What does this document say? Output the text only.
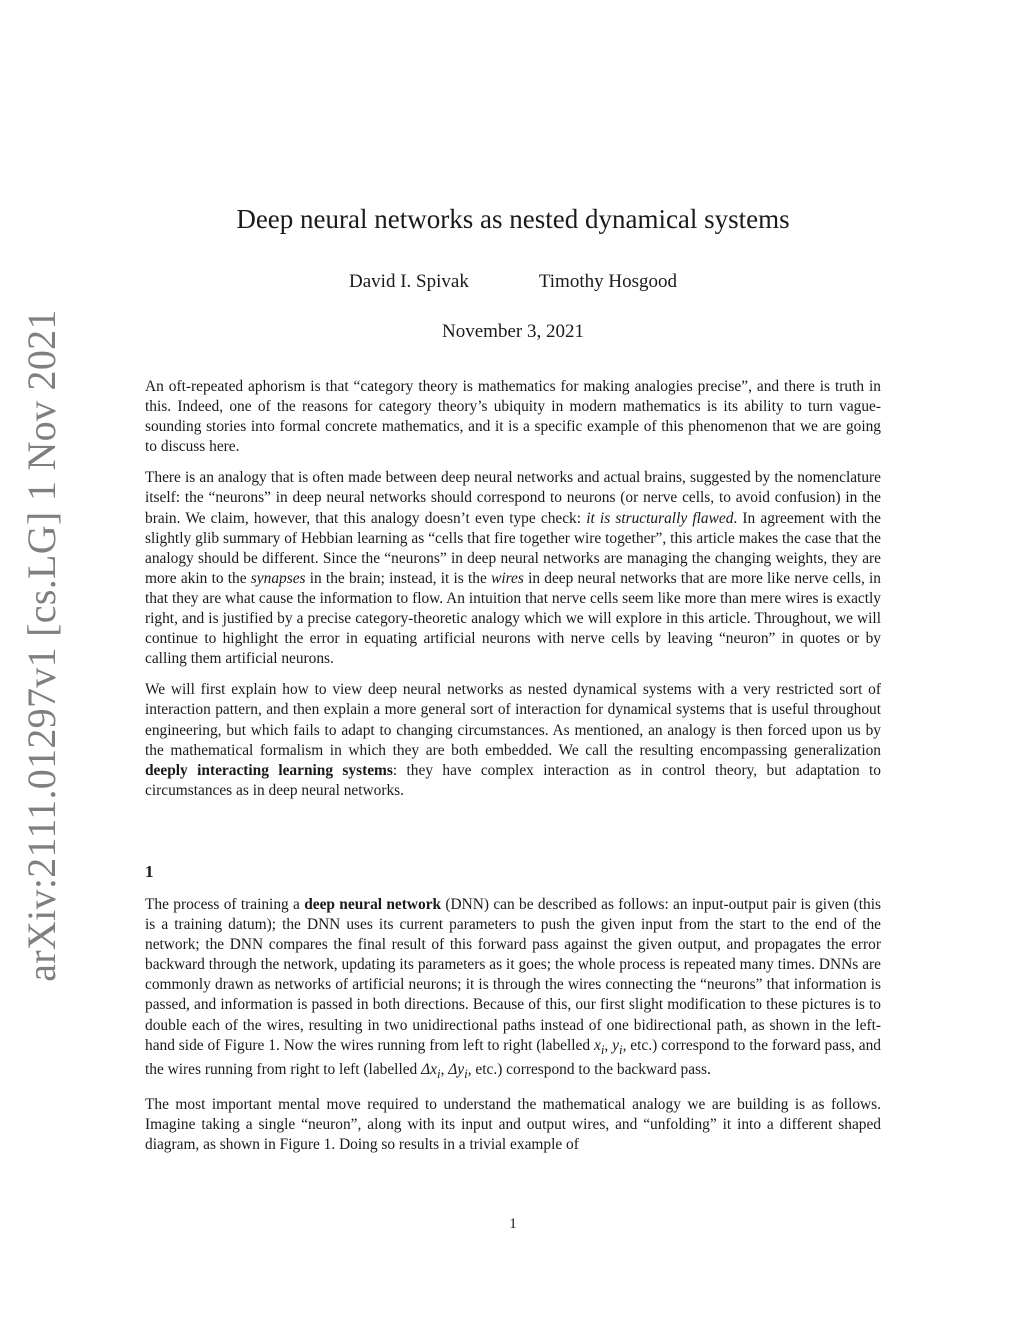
arXiv:2111.01297v1 [cs.LG] 1 Nov 2021
Deep neural networks as nested dynamical systems
David I. Spivak	Timothy Hosgood
November 3, 2021

An oft-repeated aphorism is that “category theory is mathematics for making analogies precise”, and there is truth in this. Indeed, one of the reasons for category theory’s ubiquity in modern mathematics is its ability to turn vague-sounding stories into formal concrete mathematics, and it is a specific example of this phenomenon that we are going to discuss here.

There is an analogy that is often made between deep neural networks and actual brains, suggested by the nomenclature itself: the “neurons” in deep neural networks should correspond to neurons (or nerve cells, to avoid confusion) in the brain. We claim, however, that this analogy doesn’t even type check: it is structurally flawed. In agreement with the slightly glib summary of Hebbian learning as “cells that fire together wire together”, this article makes the case that the analogy should be different. Since the “neurons” in deep neural networks are managing the changing weights, they are more akin to the synapses in the brain; instead, it is the wires in deep neural networks that are more like nerve cells, in that they are what cause the information to flow. An intuition that nerve cells seem like more than mere wires is exactly right, and is justified by a precise category-theoretic analogy which we will explore in this article. Throughout, we will continue to highlight the error in equating artificial neurons with nerve cells by leaving “neuron” in quotes or by calling them artificial neurons.

We will first explain how to view deep neural networks as nested dynamical systems with a very restricted sort of interaction pattern, and then explain a more general sort of interaction for dynamical systems that is useful throughout engineering, but which fails to adapt to changing circumstances. As mentioned, an analogy is then forced upon us by the mathematical formalism in which they are both embedded. We call the resulting encompassing generalization deeply interacting learning systems: they have complex interaction as in control theory, but adaptation to circumstances as in deep neural networks.

1

The process of training a deep neural network (DNN) can be described as follows: an input-output pair is given (this is a training datum); the DNN uses its current parameters to push the given input from the start to the end of the network; the DNN compares the final result of this forward pass against the given output, and propagates the error backward through the network, updating its parameters as it goes; the whole process is repeated many times. DNNs are commonly drawn as networks of artificial neurons; it is through the wires connecting the “neurons” that information is passed, and information is passed in both directions. Because of this, our first slight modification to these pictures is to double each of the wires, resulting in two unidirectional paths instead of one bidirectional path, as shown in the left-hand side of Figure 1. Now the wires running from left to right (labelled $x_i$, $y_i$, etc.) correspond to the forward pass, and the wires running from right to left (labelled $\Delta x_i$, $\Delta y_i$, etc.) correspond to the backward pass.

The most important mental move required to understand the mathematical analogy we are building is as follows. Imagine taking a single “neuron”, along with its input and output wires, and “unfolding” it into a different shaped diagram, as shown in Figure 1. Doing so results in a trivial example of

1
